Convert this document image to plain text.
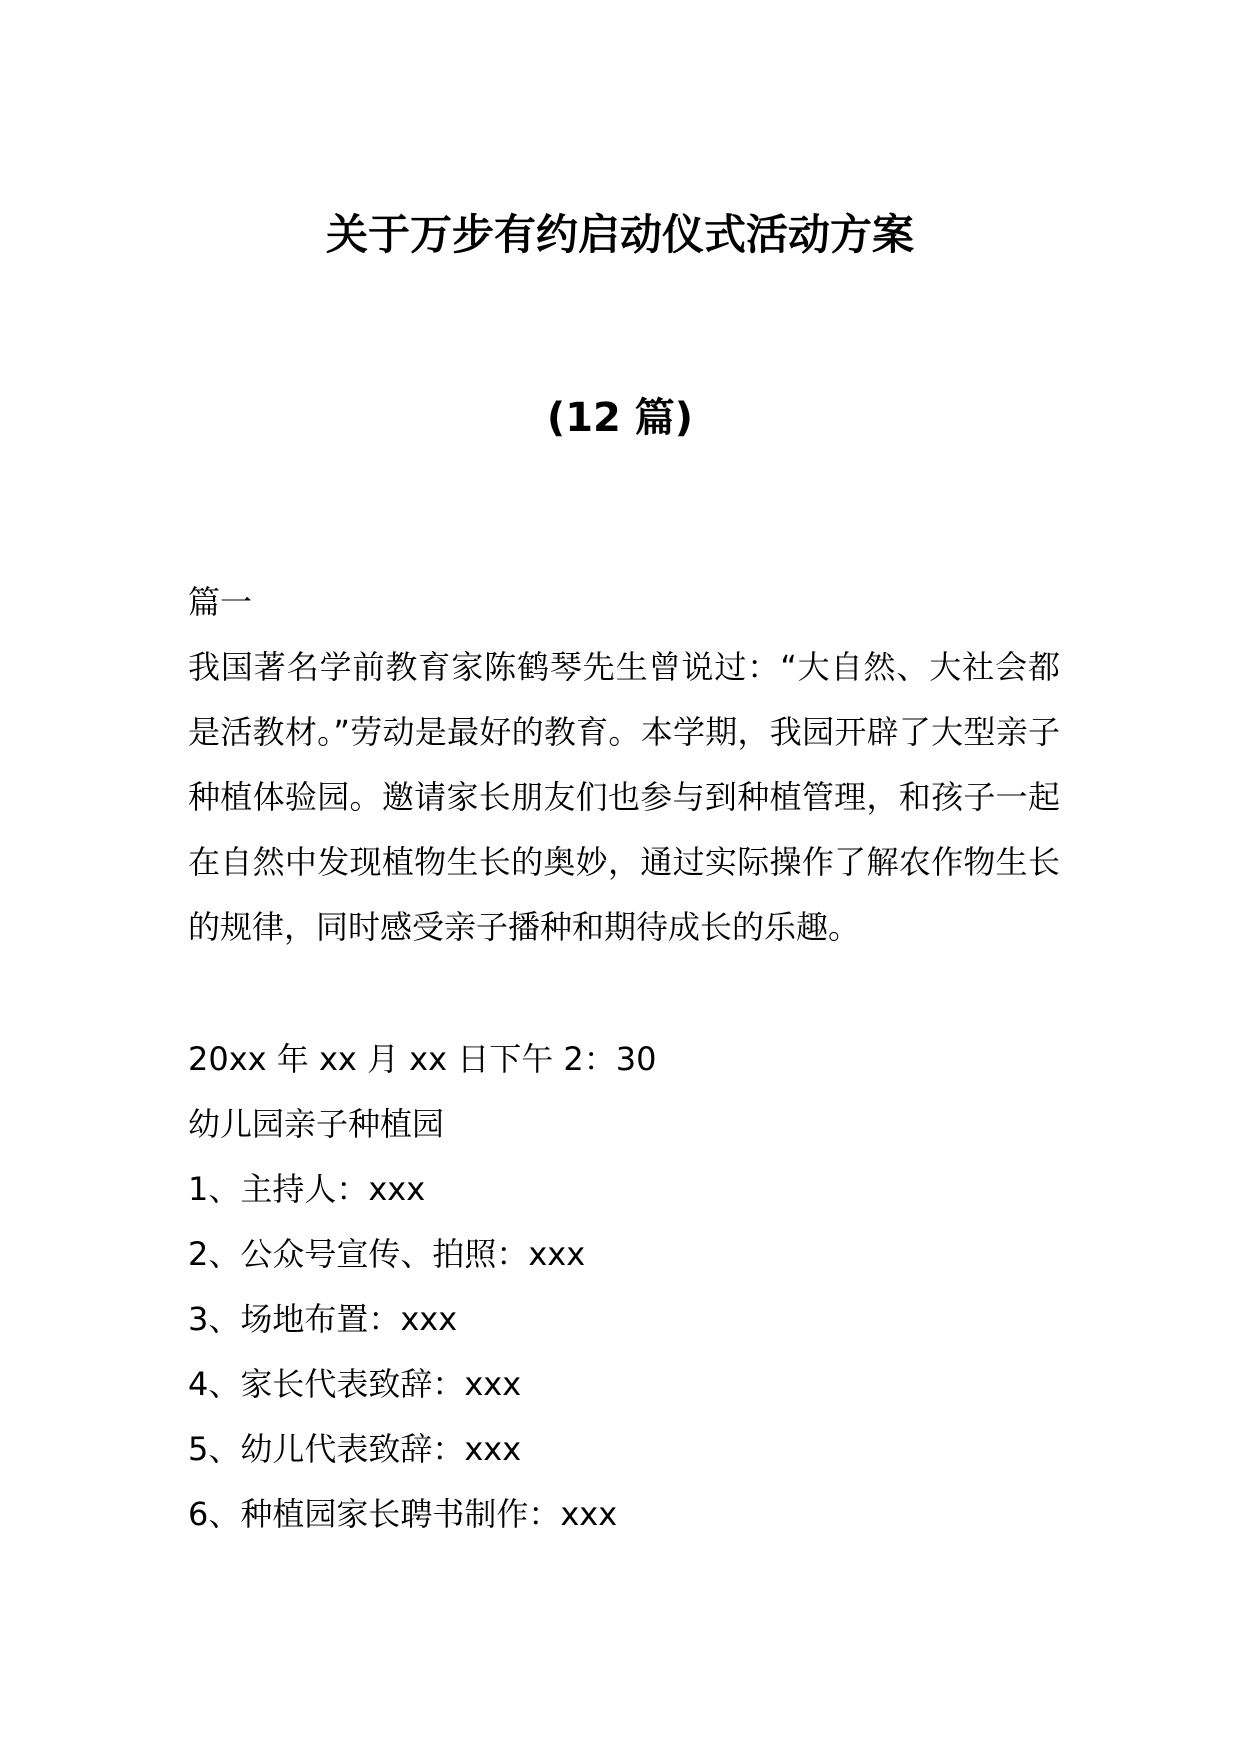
关于万步有约启动仪式活动方案
(12 篇)
篇一
我国著名学前教育家陈鹤琴先生曾说过：“大自然、大社会都是活教材。”劳动是最好的教育。本学期，我园开辟了大型亲子种植体验园。邀请家长朋友们也参与到种植管理，和孩子一起在自然中发现植物生长的奥妙，通过实际操作了解农作物生长的规律，同时感受亲子播种和期待成长的乐趣。
20xx 年 xx 月 xx 日下午 2：30
幼儿园亲子种植园
1、主持人：xxx
2、公众号宣传、拍照：xxx
3、场地布置：xxx
4、家长代表致辞：xxx
5、幼儿代表致辞：xxx
6、种植园家长聘书制作：xxx
